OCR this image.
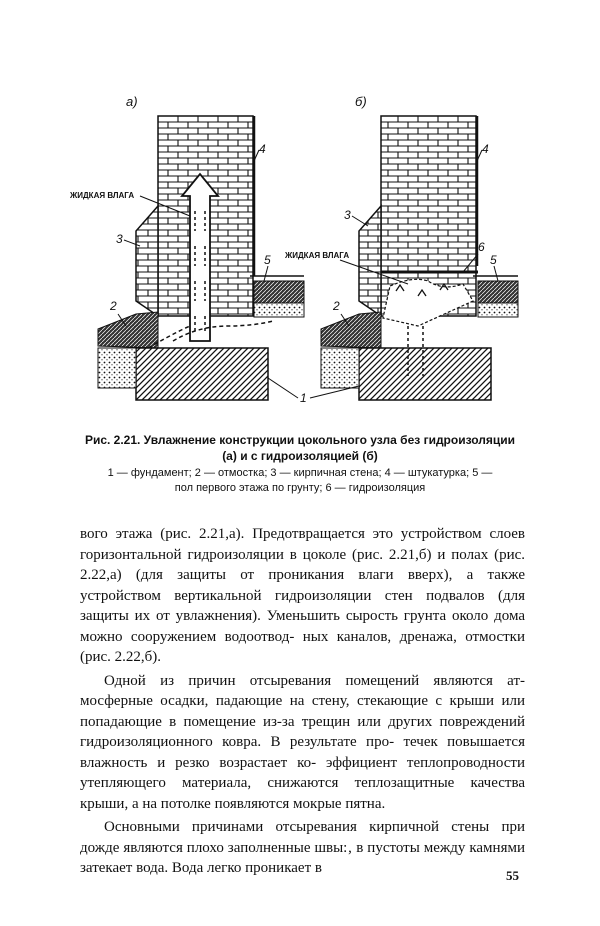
а)
ЖИДКАЯ ВЛАГА
3
4
5
2
б)
ЖИДКАЯ ВЛАГА
3
4
6
5
2
1
Рис. 2.21. Увлажнение конструкции цокольного узла без гидроизоляции
(а) и с гидроизоляцией (б)
1 — фундамент; 2 — отмостка; 3 — кирпичная стена; 4 — штукатурка; 5 —
пол первого этажа по грунту; 6 — гидроизоляция

вого этажа (рис. 2.21,а). Предотвращается это устройством слоев горизонтальной гидроизоляции в цоколе (рис. 2.21,б) и полах (рис. 2.22,а) (для защиты от проникания влаги вверх), а также устройством вертикальной гидроизоляции стен подвалов (для защиты их от увлажнения). Уменьшить сырость грунта около дома можно сооружением водоотвод- ных каналов, дренажа, отмостки (рис. 2.22,б).

Одной из причин отсыревания помещений являются ат- мосферные осадки, падающие на стену, стекающие с крыши или попадающие в помещение из-за трещин или других повреждений гидроизоляционного ковра. В результате про- течек повышается влажность и резко возрастает ко- эффициент теплопроводности утепляющего материала, снижаются теплозащитные качества крыши, а на потолке появляются мокрые пятна.

Основными причинами отсыревания кирпичной стены при дожде являются плохо заполненные швы:‚ в пустоты между камнями затекает вода. Вода легко проникает в	55
